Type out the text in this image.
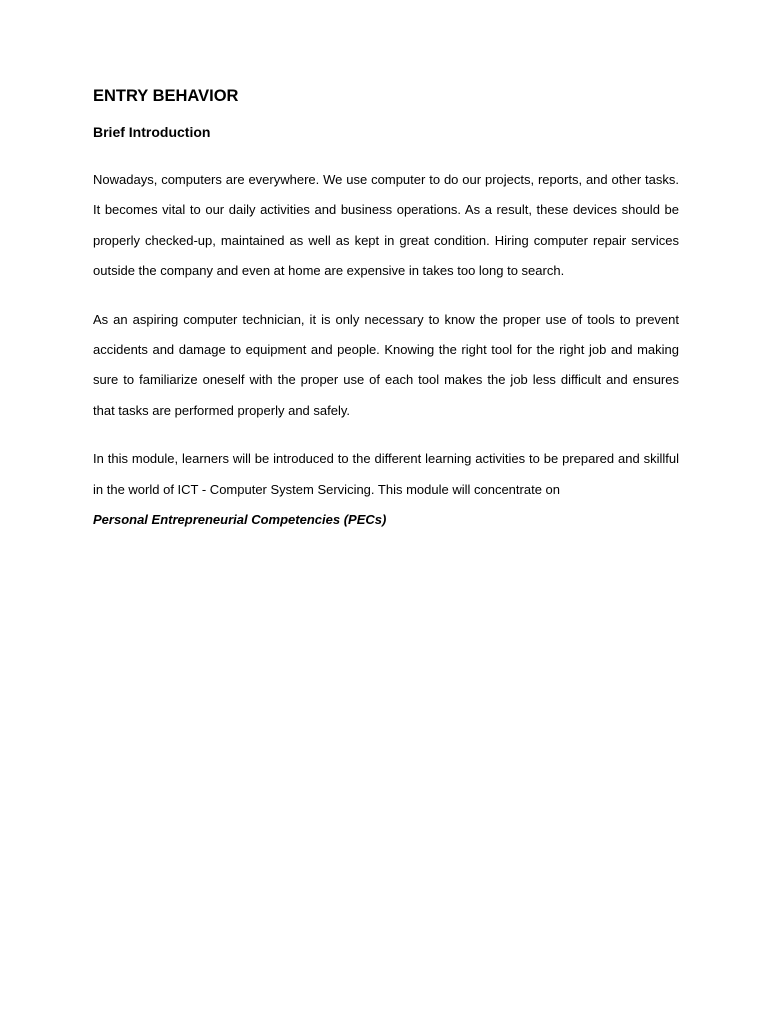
ENTRY BEHAVIOR
Brief Introduction

Nowadays, computers are everywhere. We use computer to do our projects, reports, and other tasks. It becomes vital to our daily activities and business operations. As a result, these devices should be properly checked-up, maintained as well as kept in great condition. Hiring computer repair services outside the company and even at home are expensive in takes too long to search.

As an aspiring computer technician, it is only necessary to know the proper use of tools to prevent accidents and damage to equipment and people. Knowing the right tool for the right job and making sure to familiarize oneself with the proper use of each tool makes the job less difficult and ensures that tasks are performed properly and safely.

In this module, learners will be introduced to the different learning activities to be prepared and skillful in the world of ICT - Computer System Servicing. This module will concentrate on

Personal Entrepreneurial Competencies (PECs)
